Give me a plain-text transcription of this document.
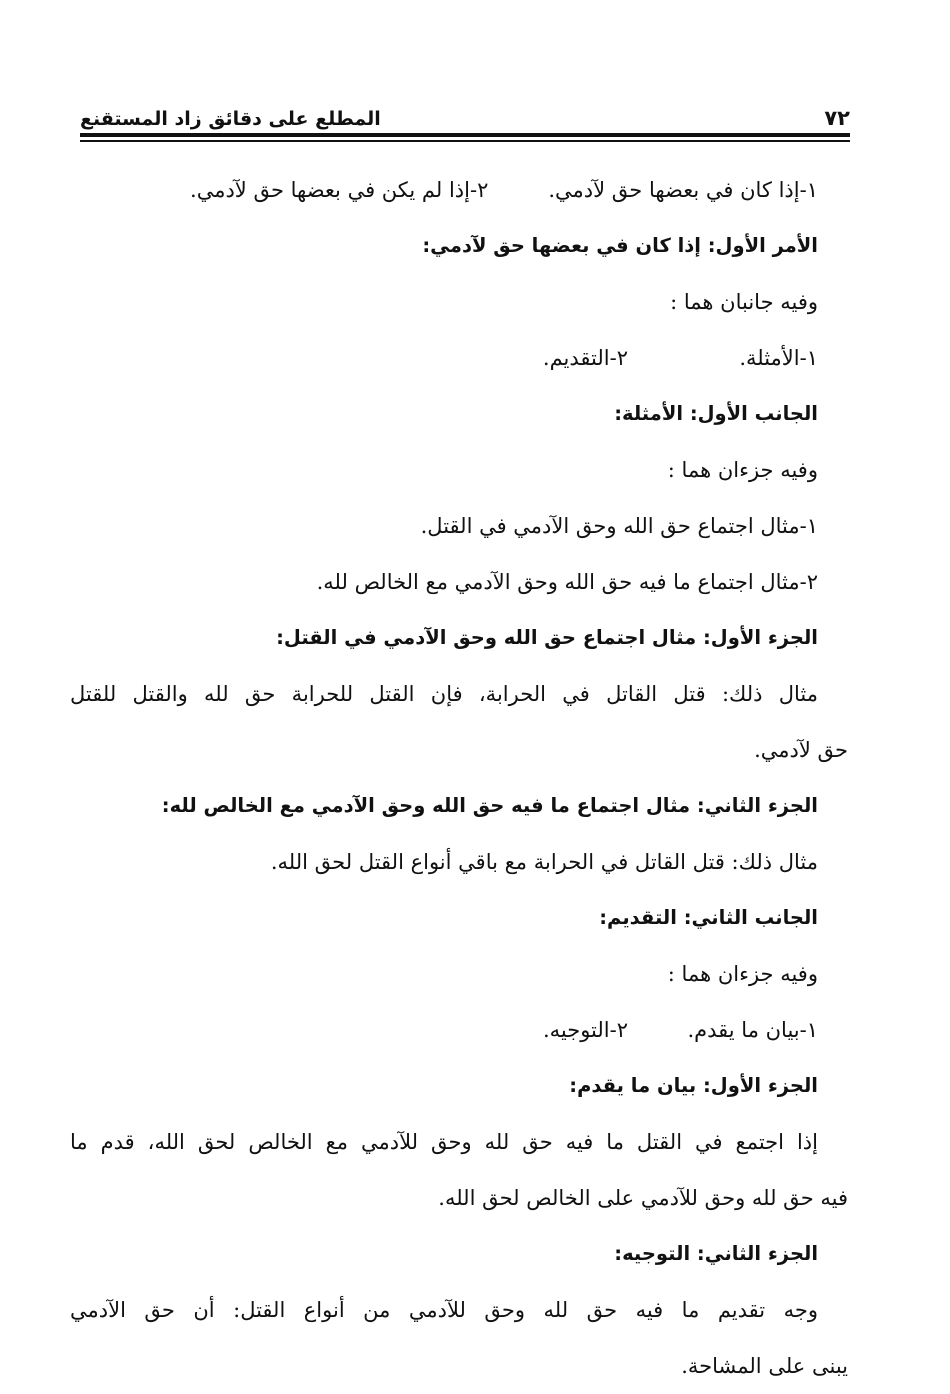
٧٢
المطلع على دقائق زاد المستقنع
١-إذا كان في بعضها حق لآدمي.
٢-إذا لم يكن في بعضها حق لآدمي.
الأمر الأول: إذا كان في بعضها حق لآدمي:
وفيه جانبان هما :
١-الأمثلة.
٢-التقديم.
الجانب الأول: الأمثلة:
وفيه جزءان هما :
١-مثال اجتماع حق الله وحق الآدمي في القتل.
٢-مثال اجتماع ما فيه حق الله وحق الآدمي مع الخالص لله.
الجزء الأول: مثال اجتماع حق الله وحق الآدمي في القتل:
مثال ذلك: قتل القاتل في الحرابة، فإن القتل للحرابة حق لله والقتل للقتل
حق لآدمي.
الجزء الثاني: مثال اجتماع ما فيه حق الله وحق الآدمي مع الخالص لله:
مثال ذلك: قتل القاتل في الحرابة مع باقي أنواع القتل لحق الله.
الجانب الثاني: التقديم:
وفيه جزءان هما :
١-بيان ما يقدم.
٢-التوجيه.
الجزء الأول: بيان ما يقدم:
إذا اجتمع في القتل ما فيه حق لله وحق للآدمي مع الخالص لحق الله، قدم ما
فيه حق لله وحق للآدمي على الخالص لحق الله.
الجزء الثاني: التوجيه:
وجه تقديم ما فيه حق لله وحق للآدمي من أنواع القتل: أن حق الآدمي
يبنى على المشاحة.
